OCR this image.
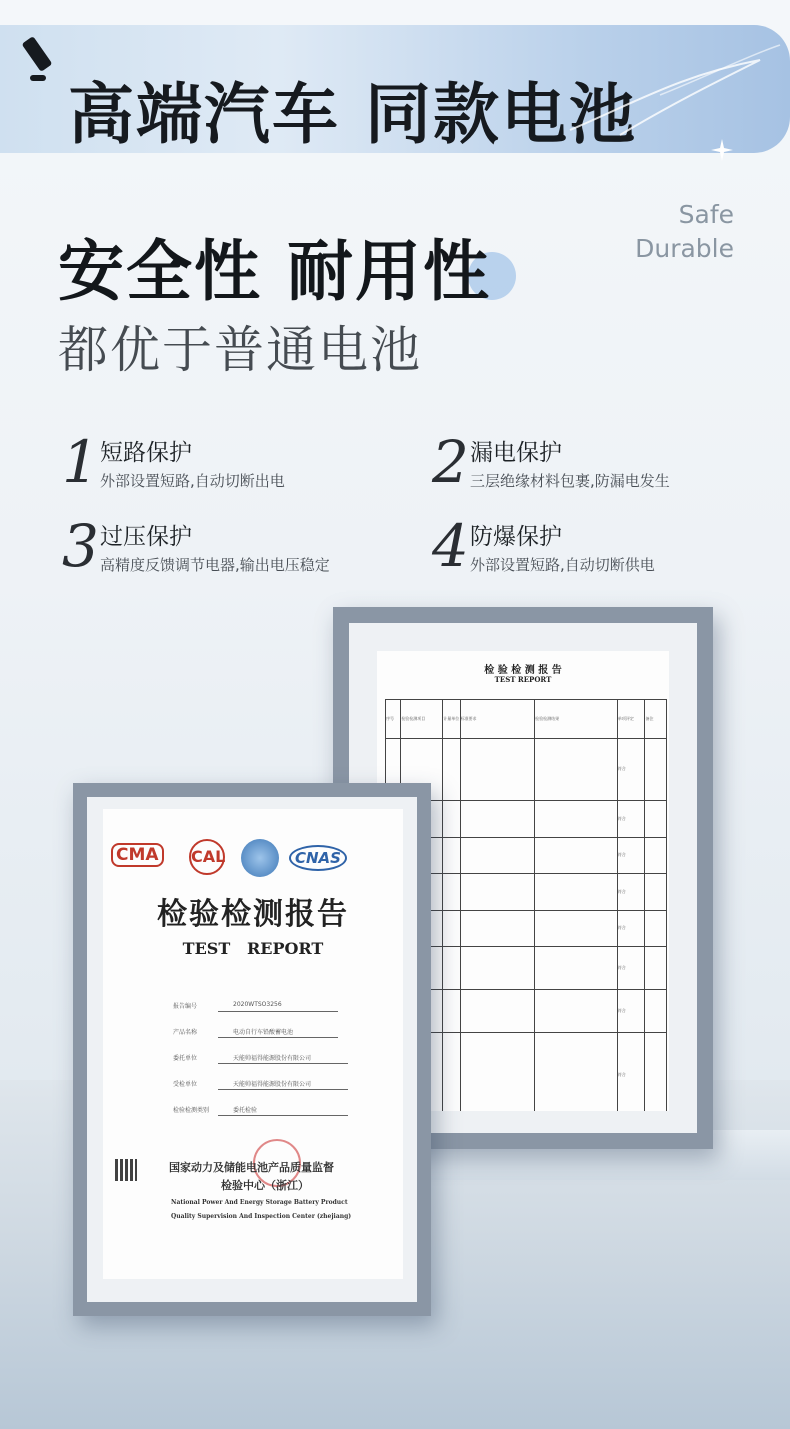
高端汽车 同款电池
Safe
Durable
安全性 耐用性
都优于普通电池
1 短路保护
外部设置短路,自动切断出电	2 漏电保护
三层绝缘材料包裹,防漏电发生
3 过压保护
高精度反馈调节电器,输出电压稳定 4 防爆保护
外部设置短路,自动切断供电
检 验 检 测 报 告
TEST REPORT
序号	检验检测项目	计量单位	标准要求	检验检测结果	单项评定	备注
					符合	
					符合	
					符合	
					符合	
					符合	
					符合	
					符合	
					符合	
CMA	CAL	CNAS
检验检测报告
TEST   REPORT
报告编号	2020WTSO3256
产品名称	电动自行车铅酸蓄电池
委托单位	天能帅福得能源股份有限公司
受检单位	天能帅福得能源股份有限公司
检验检测类别	委托检验
国家动力及储能电池产品质量监督
检验中心（浙江）
National Power And Energy Storage Battery Product
Quality Supervision And Inspection Center (zhejiang)
